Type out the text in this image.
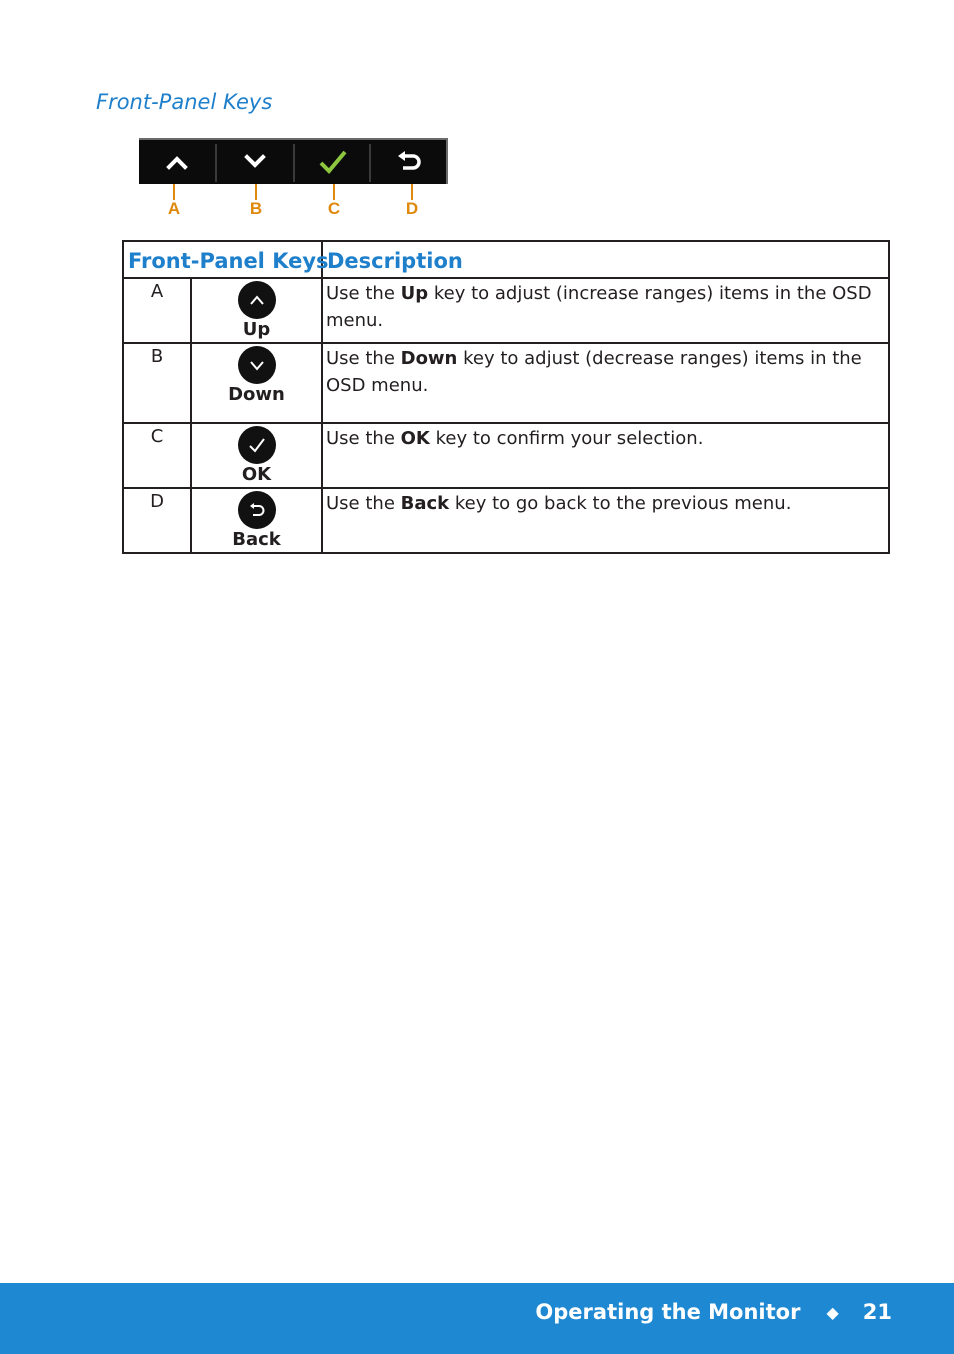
Front-Panel Keys
A	B	C	D
Front-Panel Keys		Description
A	Up	Use the Up key to adjust (increase ranges) items in the OSD menu.
B	Down	Use the Down key to adjust (decrease ranges) items in the OSD menu.
C	OK	Use the OK key to confirm your selection.
D	Back	Use the Back key to go back to the previous menu.
Operating the Monitor ◆ 21
